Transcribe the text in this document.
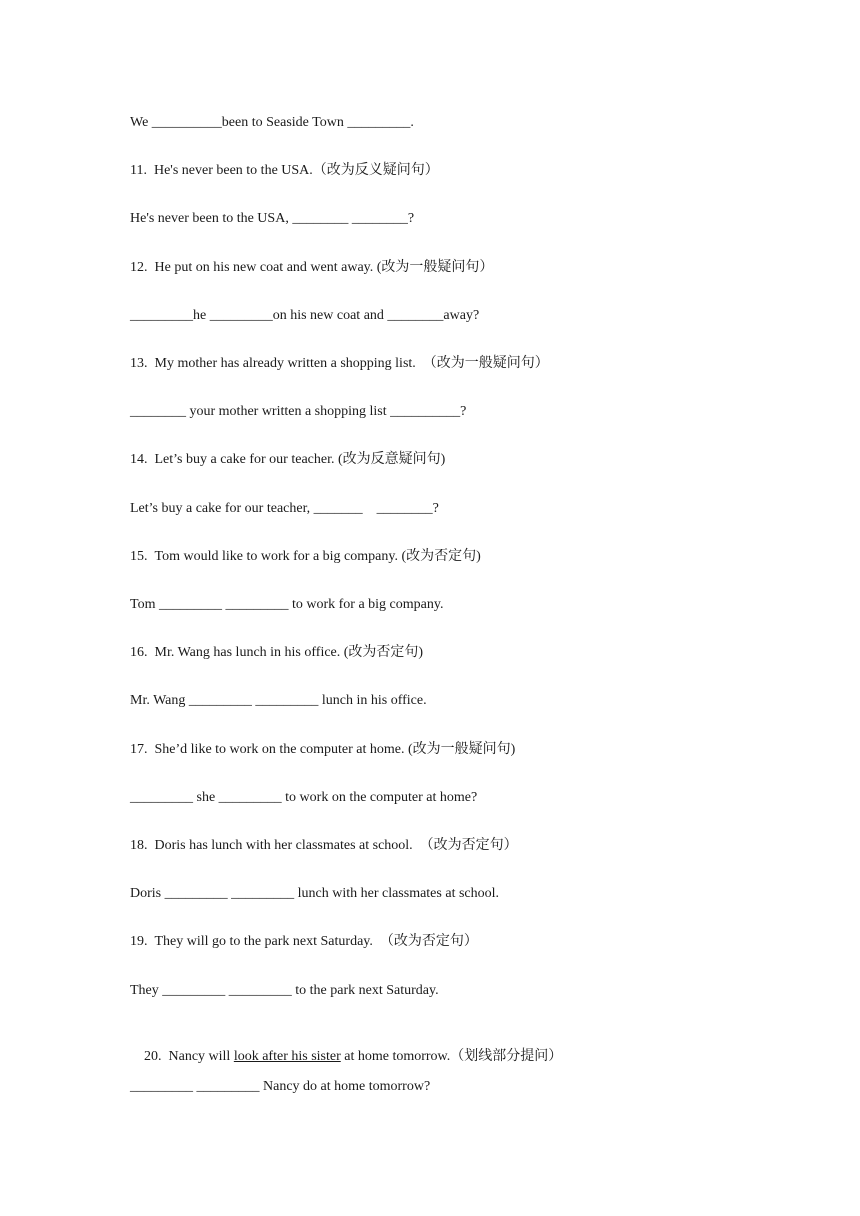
We __________been to Seaside Town _________.
11. He's never been to the USA.（改为反义疑问句）
He's never been to the USA, ________ ________?
12. He put on his new coat and went away. (改为一般疑问句）
_________he _________on his new coat and ________away?
13. My mother has already written a shopping list.  （改为一般疑问句）
________ your mother written a shopping list __________?
14. Let’s buy a cake for our teacher. (改为反意疑问句)
Let’s buy a cake for our teacher, _______    ________?
15. Tom would like to work for a big company. (改为否定句)
Tom _________ _________ to work for a big company.
16. Mr. Wang has lunch in his office. (改为否定句)
Mr. Wang _________ _________ lunch in his office.
17. She’d like to work on the computer at home. (改为一般疑问句)
_________ she _________ to work on the computer at home?
18. Doris has lunch with her classmates at school.  （改为否定句）
Doris _________ _________ lunch with her classmates at school.
19. They will go to the park next Saturday.  （改为否定句）
They _________ _________ to the park next Saturday.

20. Nancy will look after his sister at home tomorrow.（划线部分提问）

_________ _________ Nancy do at home tomorrow?
